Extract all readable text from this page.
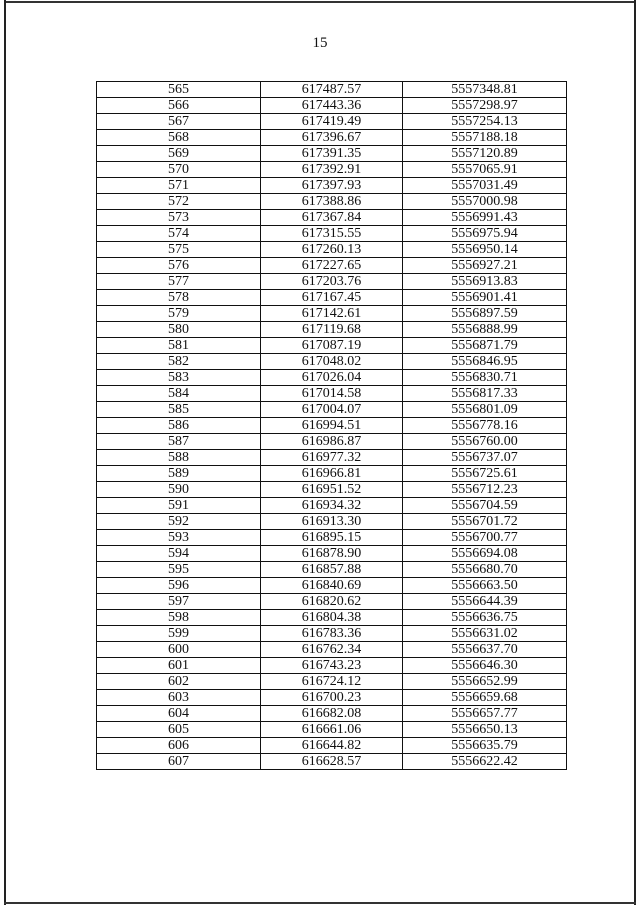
15
565	617487.57	5557348.81
566	617443.36	5557298.97
567	617419.49	5557254.13
568	617396.67	5557188.18
569	617391.35	5557120.89
570	617392.91	5557065.91
571	617397.93	5557031.49
572	617388.86	5557000.98
573	617367.84	5556991.43
574	617315.55	5556975.94
575	617260.13	5556950.14
576	617227.65	5556927.21
577	617203.76	5556913.83
578	617167.45	5556901.41
579	617142.61	5556897.59
580	617119.68	5556888.99
581	617087.19	5556871.79
582	617048.02	5556846.95
583	617026.04	5556830.71
584	617014.58	5556817.33
585	617004.07	5556801.09
586	616994.51	5556778.16
587	616986.87	5556760.00
588	616977.32	5556737.07
589	616966.81	5556725.61
590	616951.52	5556712.23
591	616934.32	5556704.59
592	616913.30	5556701.72
593	616895.15	5556700.77
594	616878.90	5556694.08
595	616857.88	5556680.70
596	616840.69	5556663.50
597	616820.62	5556644.39
598	616804.38	5556636.75
599	616783.36	5556631.02
600	616762.34	5556637.70
601	616743.23	5556646.30
602	616724.12	5556652.99
603	616700.23	5556659.68
604	616682.08	5556657.77
605	616661.06	5556650.13
606	616644.82	5556635.79
607	616628.57	5556622.42
